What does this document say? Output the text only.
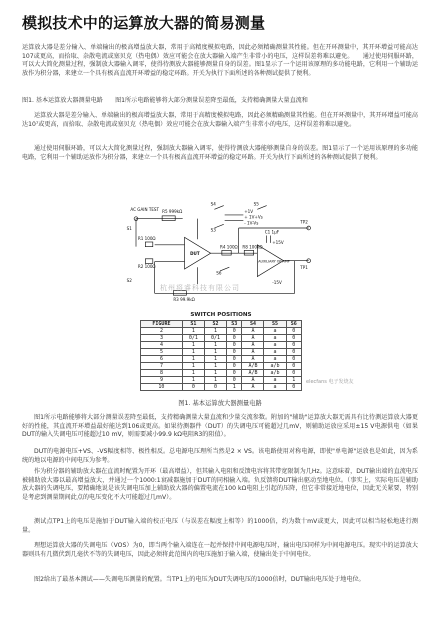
模拟技术中的运算放大器的简易测量

运算放大器是差分输入、单端输出的极高增益放大器，常用于高精度模拟电路，因此必须精确测量其性能。但在开环测量中，其开环增益可能高达107或更高，而拾取、杂散电流或塞贝克（热电偶）效应可能会在放大器输入端产生非常小的电压，这样误差将难以避免。　　通过使用伺服环路，可以大大简化测量过程，强制放大器输入调零，使得待测放大器能够测量自身的误差。图1显示了一个运用该原理的多功能电路，它利用一个辅助运放作为积分器，来建立一个具有极高直流开环增益的稳定环路。开关为执行下面所述的各种测试提供了便利。

图1. 基本运算放大器测量电路　　图1所示电路能够将大部分测量误差降至最低，支持精确测量大量直流和

运算放大器是差分输入、单端输出的极高增益放大器，常用于高精度模拟电路，因此必须精确测量其性能。但在开环测量中，其开环增益可能高达10⁷或更高，而拾取、杂散电流或塞贝克（热电偶）效应可能会在放大器输入端产生非常小的电压，这样误差将难以避免。

通过使用伺服环路，可以大大简化测量过程，强制放大器输入调零，使得待测放大器能够测量自身的误差。图1显示了一个运用该原理的多功能电路，它利用一个辅助运放作为积分器，来建立一个具有极高直流开环增益的稳定环路。开关为执行下面所述的各种测试提供了便利。

AC GAIN TEST R5 999kΩ
R1 100Ω
R2 100Ω
R3 99.9kΩ
R4 100Ω R8 100kΩ
C1 1μF
DUT
AUXILIARY OP AMP
TP2
TP1
+15V
-15V
S4
S3
S5
S6
S1
S2
+1V
+ 1V+Vs
- 1V-Vs
杭州将睿科技有限公司
SWITCH POSITIONS
FIGURE	S1	S2	S3	S4	S5	S6
2	1	1	0	A	a	0
3	0/1	0/1	0	A	a	0
4	1	1	0	A	a	0
5	1	1	0	A	a	0
6	1	1	0	A	a	0
7	1	1	0	A/B	a/b	0
8	1	1	0	A/B	a/b	0
9	1	1	0	A	a	1
10	0	0	1	A	a	0
elecfans 电子发烧友
图1. 基本运算放大器测量电路

图1所示电路能够将大部分测量误差降至最低，支持精确测量大量直流和少量交流参数。附加的"辅助"运算放大器无需具有比待测运算放大器更好的性能，其直流开环增益最好能达到106或更高。如果待测器件（DUT）的失调电压可能超过几mV，则辅助运放应采用±15 V电源供电（如果DUT的输入失调电压可能超过10 mV，则需要减小99.9 kΩ电阻R3的阻值）。

DUT的电源电压+VS、-VS幅度相等、极性相反。总电源电压理所当然是2 × VS。该电路使用对称电源，即使"单电源"运放也是如此，因为系统的地以电源的中间电压为参考。

作为积分器的辅助放大器在直流时配置为开环（最高增益），但其输入电阻和反馈电容将其带宽限制为几Hz。这意味着，DUT输出端的直流电压被辅助放大器以最高增益放大，并通过一个1000:1衰减器施加于DUT的同相输入端。负反馈将DUT输出驱动至地电位。（事实上，实际电压是辅助放大器的失调电压，要精确地说是该失调电压加上辅助放大器的偏置电流在100 kΩ电阻上引起的压降，但它非常接近地电位，因此无关紧要，特别是考虑到测量期间此点的电压变化不大可能超过几mV）。

测试点TP1上的电压是施加于DUT输入端的校正电压（与误差在幅度上相等）的1000倍，约为数十mV或更大，因此可以相当轻松地进行测量。

理想运算放大器的失调电压（VOS）为0，即当两个输入端连在一起并保持中间电源电压时，输出电压同样为中间电源电压。现实中的运算放大器则具有几微伏到几毫伏不等的失调电压，因此必须将此范围内的电压施加于输入端，使输出处于中间电位。

图2给出了最基本测试——失调电压测量的配置。当TP1上的电压为DUT失调电压的1000倍时，DUT输出电压处于地电位。
